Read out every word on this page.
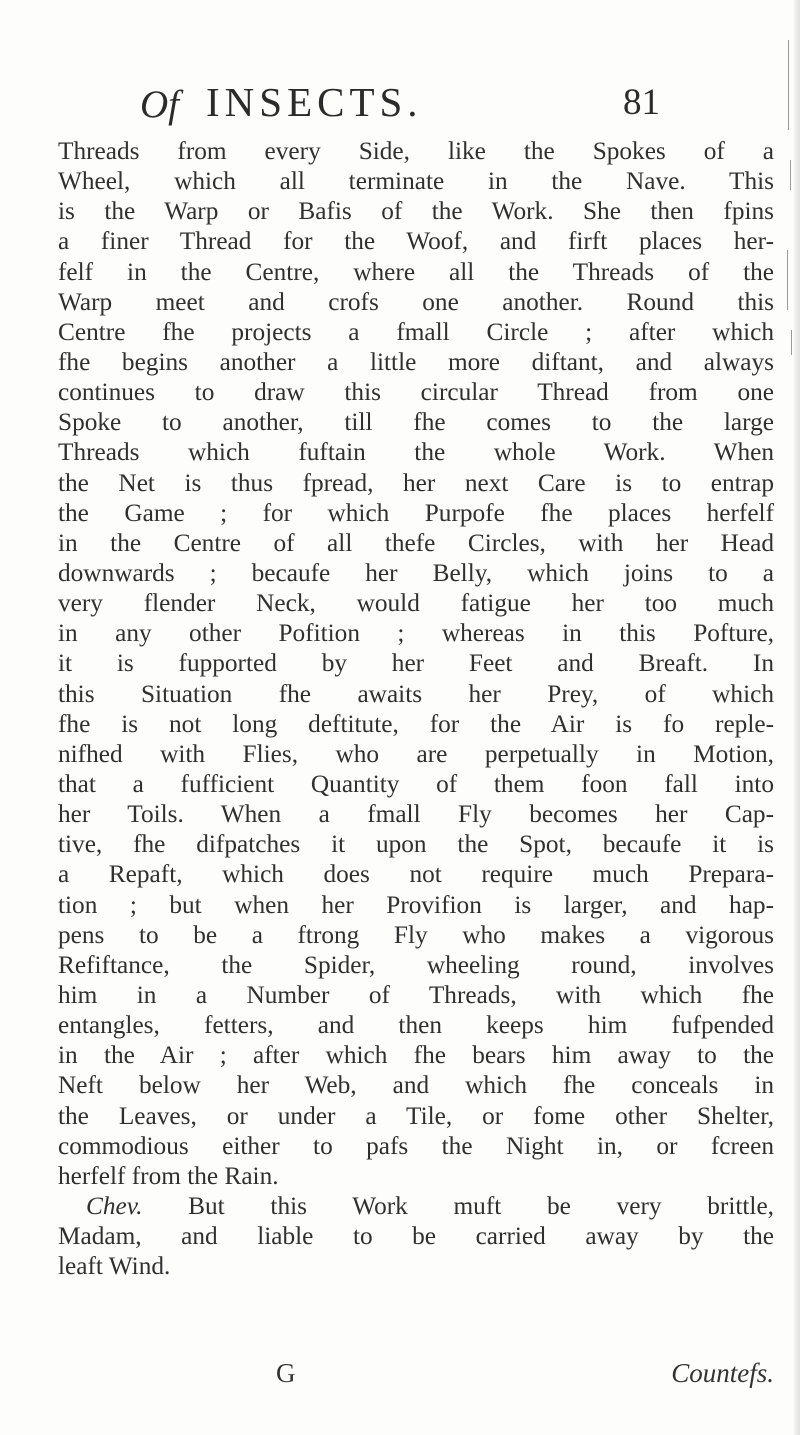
Of INSECTS.	81
Threads from every Side, like the Spokes of a
Wheel, which all terminate in the Nave. This
is the Warp or Bafis of the Work. She then fpins
a finer Thread for the Woof, and firft places her-
felf in the Centre, where all the Threads of the
Warp meet and crofs one another. Round this
Centre fhe projects a fmall Circle ; after which
fhe begins another a little more diftant, and always
continues to draw this circular Thread from one
Spoke to another, till fhe comes to the large
Threads which fuftain the whole Work. When
the Net is thus fpread, her next Care is to entrap
the Game ; for which Purpofe fhe places herfelf
in the Centre of all thefe Circles, with her Head
downwards ; becaufe her Belly, which joins to a
very flender Neck, would fatigue her too much
in any other Pofition ; whereas in this Pofture,
it is fupported by her Feet and Breaft. In
this Situation fhe awaits her Prey, of which
fhe is not long deftitute, for the Air is fo reple-
nifhed with Flies, who are perpetually in Motion,
that a fufficient Quantity of them foon fall into
her Toils. When a fmall Fly becomes her Cap-
tive, fhe difpatches it upon the Spot, becaufe it is
a Repaft, which does not require much Prepara-
tion ; but when her Provifion is larger, and hap-
pens to be a ftrong Fly who makes a vigorous
Refiftance, the Spider, wheeling round, involves
him in a Number of Threads, with which fhe
entangles, fetters, and then keeps him fufpended
in the Air ; after which fhe bears him away to the
Neft below her Web, and which fhe conceals in
the Leaves, or under a Tile, or fome other Shelter,
commodious either to pafs the Night in, or fcreen
herfelf from the Rain.
Chev. But this Work muft be very brittle,
Madam, and liable to be carried away by the
leaft Wind.
G	Countefs.
